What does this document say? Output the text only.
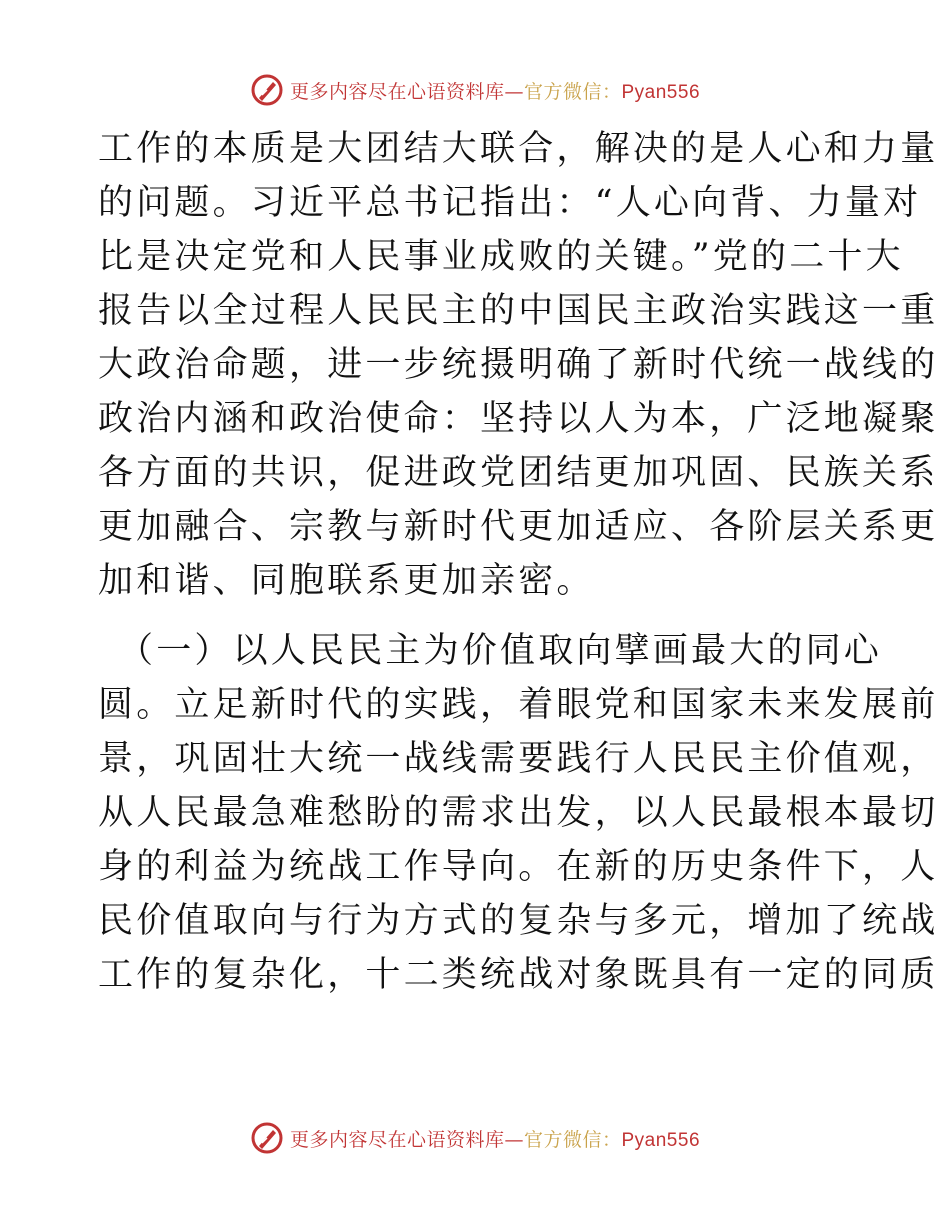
更多内容尽在心语资料库—官方微信：Pyan556
工作的本质是大团结大联合，解决的是人心和力量
的问题。习近平总书记指出：“人心向背、力量对
比是决定党和人民事业成败的关键。”党的二十大
报告以全过程人民民主的中国民主政治实践这一重
大政治命题，进一步统摄明确了新时代统一战线的
政治内涵和政治使命：坚持以人为本，广泛地凝聚
各方面的共识，促进政党团结更加巩固、民族关系
更加融合、宗教与新时代更加适应、各阶层关系更
加和谐、同胞联系更加亲密。
（一）以人民民主为价值取向擘画最大的同心
圆。立足新时代的实践，着眼党和国家未来发展前
景，巩固壮大统一战线需要践行人民民主价值观，
从人民最急难愁盼的需求出发，以人民最根本最切
身的利益为统战工作导向。在新的历史条件下，人
民价值取向与行为方式的复杂与多元，增加了统战
工作的复杂化，十二类统战对象既具有一定的同质
更多内容尽在心语资料库—官方微信：Pyan556
